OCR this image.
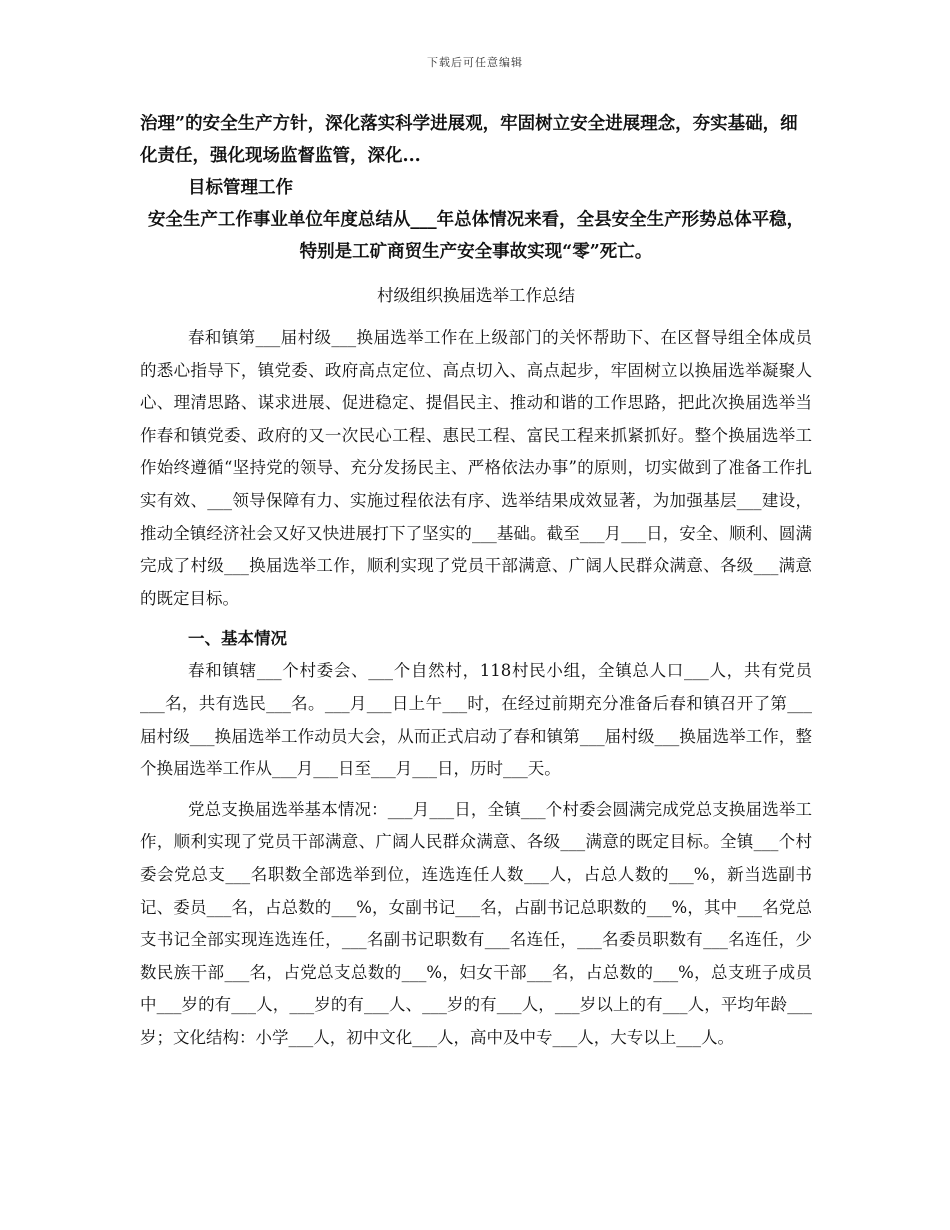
下载后可任意编辑

治理”的安全生产方针，深化落实科学进展观，牢固树立安全进展理念，夯实基础，细化责任，强化现场监督监管，深化...

目标管理工作

安全生产工作事业单位年度总结从___年总体情况来看，全县安全生产形势总体平稳，特别是工矿商贸生产安全事故实现“零”死亡。

村级组织换届选举工作总结

春和镇第___届村级___换届选举工作在上级部门的关怀帮助下、在区督导组全体成员的悉心指导下，镇党委、政府高点定位、高点切入、高点起步，牢固树立以换届选举凝聚人心、理清思路、谋求进展、促进稳定、提倡民主、推动和谐的工作思路，把此次换届选举当作春和镇党委、政府的又一次民心工程、惠民工程、富民工程来抓紧抓好。整个换届选举工作始终遵循“坚持党的领导、充分发扬民主、严格依法办事”的原则，切实做到了准备工作扎实有效、___领导保障有力、实施过程依法有序、选举结果成效显著，为加强基层___建设，推动全镇经济社会又好又快进展打下了坚实的___基础。截至___月___日，安全、顺利、圆满完成了村级___换届选举工作，顺利实现了党员干部满意、广阔人民群众满意、各级___满意的既定目标。

一、基本情况

春和镇辖___个村委会、___个自然村，118村民小组，全镇总人口___人，共有党员___名，共有选民___名。___月___日上午___时，在经过前期充分准备后春和镇召开了第___届村级___换届选举工作动员大会，从而正式启动了春和镇第___届村级___换届选举工作，整个换届选举工作从___月___日至___月___日，历时___天。

党总支换届选举基本情况：___月___日，全镇___个村委会圆满完成党总支换届选举工作，顺利实现了党员干部满意、广阔人民群众满意、各级___满意的既定目标。全镇___个村委会党总支___名职数全部选举到位，连选连任人数___人，占总人数的___%，新当选副书记、委员___名，占总数的___%，女副书记___名，占副书记总职数的___%，其中___名党总支书记全部实现连选连任，___名副书记职数有___名连任，___名委员职数有___名连任，少数民族干部___名，占党总支总数的___%，妇女干部___名，占总数的___%，总支班子成员中___岁的有___人，___岁的有___人、___岁的有___人，___岁以上的有___人，平均年龄___岁；文化结构：小学___人，初中文化___人，高中及中专___人，大专以上___人。
